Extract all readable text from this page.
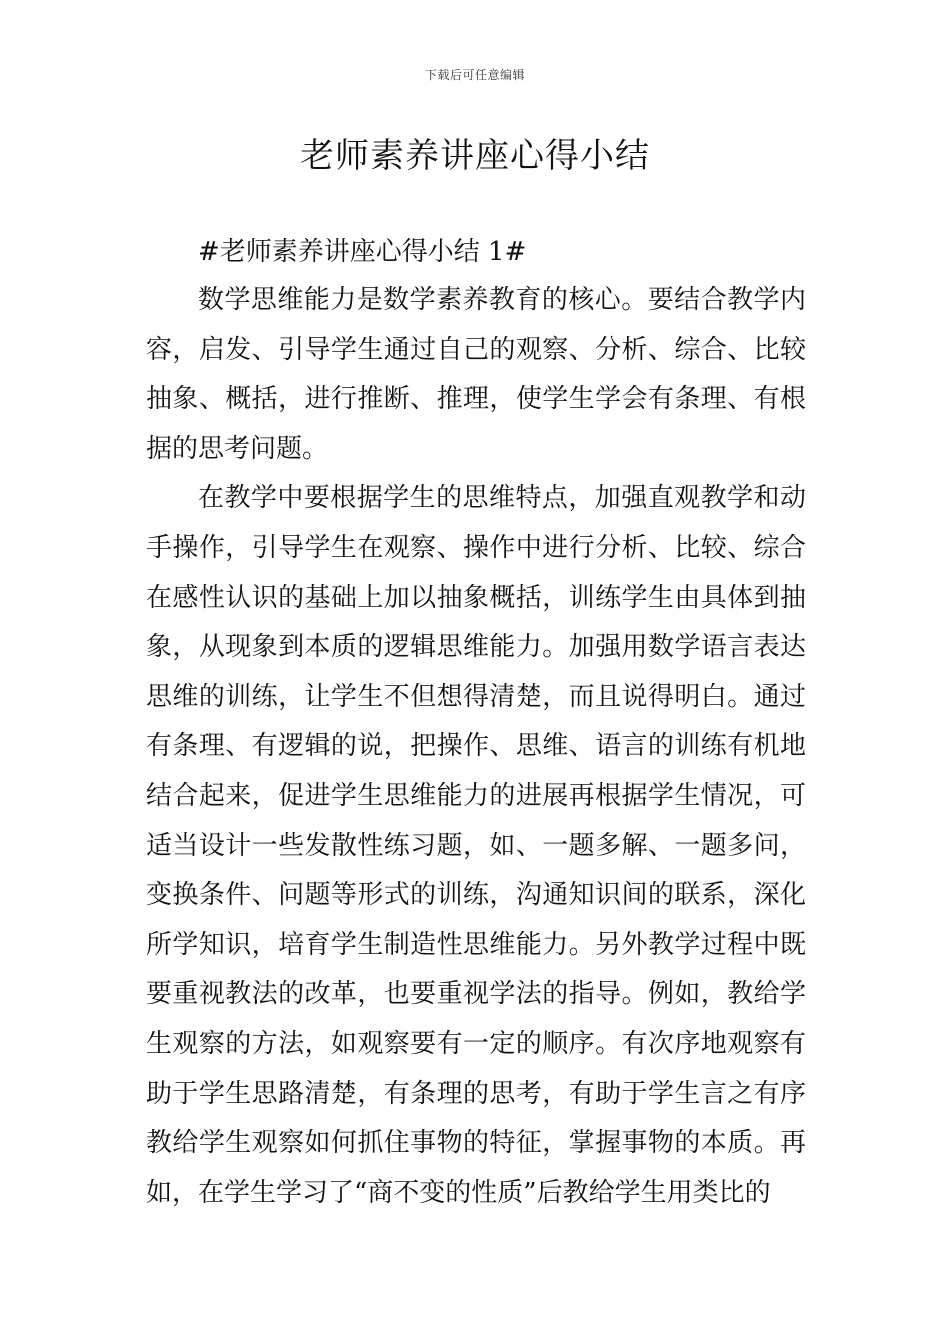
下载后可任意编辑
老师素养讲座心得小结

#老师素养讲座心得小结 1#

数学思维能力是数学素养教育的核心。要结合教学内容，启发、引导学生通过自己的观察、分析、综合、比较抽象、概括，进行推断、推理，使学生学会有条理、有根据的思考问题。

在教学中要根据学生的思维特点，加强直观教学和动手操作，引导学生在观察、操作中进行分析、比较、综合在感性认识的基础上加以抽象概括，训练学生由具体到抽象，从现象到本质的逻辑思维能力。加强用数学语言表达思维的训练，让学生不但想得清楚，而且说得明白。通过有条理、有逻辑的说，把操作、思维、语言的训练有机地结合起来，促进学生思维能力的进展再根据学生情况，可适当设计一些发散性练习题，如、一题多解、一题多问，变换条件、问题等形式的训练，沟通知识间的联系，深化所学知识，培育学生制造性思维能力。另外教学过程中既要重视教法的改革，也要重视学法的指导。例如，教给学生观察的方法，如观察要有一定的顺序。有次序地观察有助于学生思路清楚，有条理的思考，有助于学生言之有序教给学生观察如何抓住事物的特征，掌握事物的本质。再如，在学生学习了“商不变的性质”后教给学生用类比的
